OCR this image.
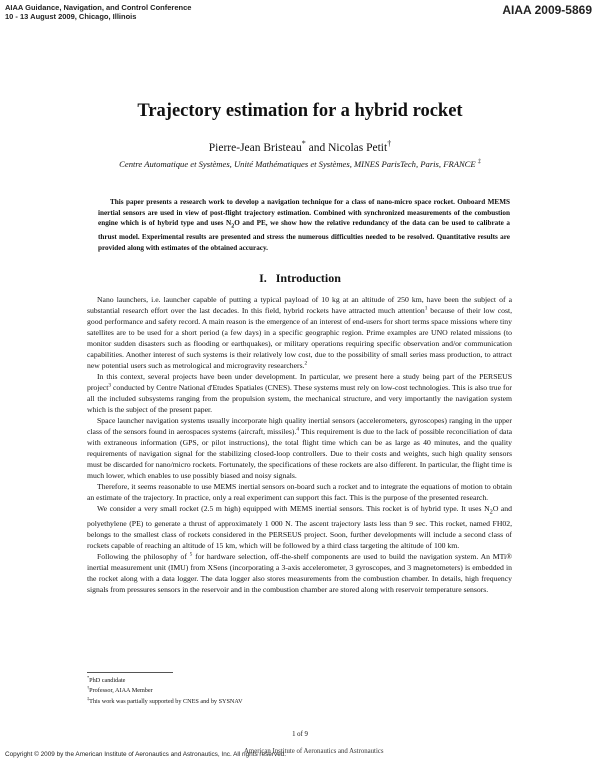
AIAA Guidance, Navigation, and Control Conference
10 - 13 August 2009, Chicago, Illinois	AIAA 2009-5869
Trajectory estimation for a hybrid rocket
Pierre-Jean Bristeau* and Nicolas Petit†
Centre Automatique et Systèmes, Unité Mathématiques et Systèmes, MINES ParisTech, Paris, FRANCE ‡

This paper presents a research work to develop a navigation technique for a class of nano-micro space rocket. Onboard MEMS inertial sensors are used in view of post-flight trajectory estimation. Combined with synchronized measurements of the combustion engine which is of hybrid type and uses $N_2O$ and PE, we show how the relative redundancy of the data can be used to calibrate a thrust model. Experimental results are presented and stress the numerous difficulties needed to be resolved. Quantitative results are provided along with estimates of the obtained accuracy.

I. Introduction

Nano launchers, i.e. launcher capable of putting a typical payload of 10 kg at an altitude of 250 km, have been the subject of a substantial research effort over the last decades. In this field, hybrid rockets have attracted much attention$^1$ because of their low cost, good performance and safety record. A main reason is the emergence of an interest of end-users for short terms space missions where tiny satellites are to be used for a short period (a few days) in a specific geographic region. Prime examples are UNO related missions (to monitor sudden disasters such as flooding or earthquakes), or military operations requiring specific observation and/or communication capabilities. Another interest of such systems is their relatively low cost, due to the possibility of small series mass production, to attract new potential users such as metrological and microgravity researchers.$^2$

In this context, several projects have been under development. In particular, we present here a study being part of the PERSEUS project$^3$ conducted by Centre National d'Etudes Spatiales (CNES). These systems must rely on low-cost technologies. This is also true for all the included subsystems ranging from the propulsion system, the mechanical structure, and very importantly the navigation system which is the subject of the present paper.

Space launcher navigation systems usually incorporate high quality inertial sensors (accelerometers, gyroscopes) ranging in the upper class of the sensors found in aerospaces systems (aircraft, missiles).$^4$ This requirement is due to the lack of possible reconciliation of data with extraneous information (GPS, or pilot instructions), the total flight time which can be as large as 40 minutes, and the quality requirements of navigation signal for the stabilizing closed-loop controllers. Due to their costs and weights, such high quality sensors must be discarded for nano/micro rockets. Fortunately, the specifications of these rockets are also different. In particular, the flight time is much lower, which enables to use possibly biased and noisy signals.

Therefore, it seems reasonable to use MEMS inertial sensors on-board such a rocket and to integrate the equations of motion to obtain an estimate of the trajectory. In practice, only a real experiment can support this fact. This is the purpose of the presented research.

We consider a very small rocket (2.5 m high) equipped with MEMS inertial sensors. This rocket is of hybrid type. It uses $N_2O$ and polyethylene (PE) to generate a thrust of approximately 1 000 N. The ascent trajectory lasts less than 9 sec. This rocket, named FH02, belongs to the smallest class of rockets considered in the PERSEUS project. Soon, further developments will include a second class of rockets capable of reaching an altitude of 15 km, which will be followed by a third class targeting the altitude of 100 km.

Following the philosophy of $^5$ for hardware selection, off-the-shelf components are used to build the navigation system. An MTi® inertial measurement unit (IMU) from XSens (incorporating a 3-axis accelerometer, 3 gyroscopes, and 3 magnetometers) is embedded in the rocket along with a data logger. The data logger also stores measurements from the combustion chamber. In details, high frequency signals from pressures sensors in the reservoir and in the combustion chamber are stored along with reservoir temperature sensors.

*PhD candidate
†Professor, AIAA Member
‡This work was partially supported by CNES and by SYSNAV
1 of 9
American Institute of Aeronautics and Astronautics
Copyright © 2009 by the American Institute of Aeronautics and Astronautics, Inc. All rights reserved.
